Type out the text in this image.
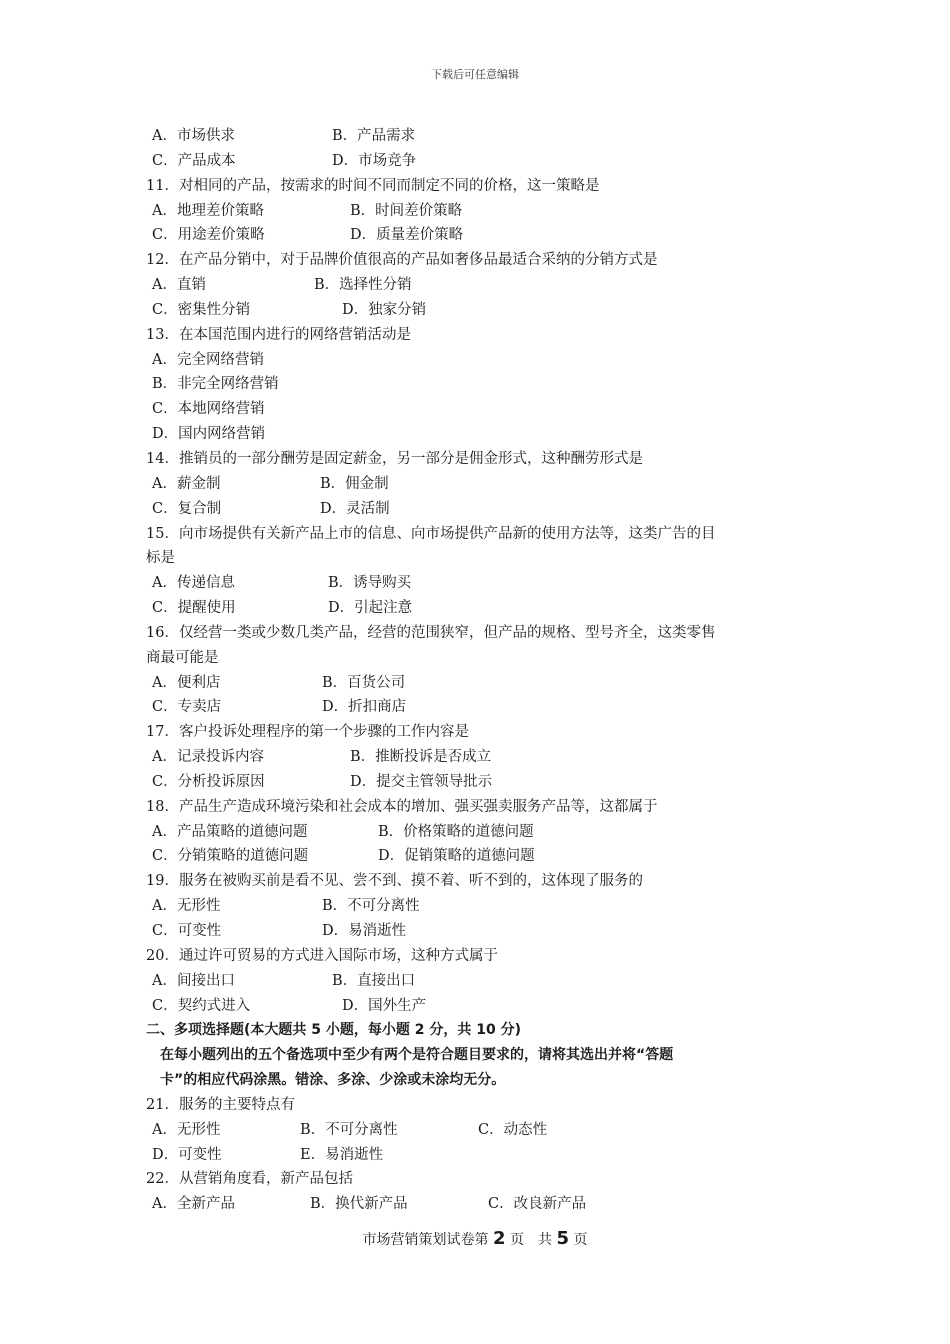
下载后可任意编辑
A．市场供求	B．产品需求
C．产品成本	D．市场竞争
11．对相同的产品，按需求的时间不同而制定不同的价格，这一策略是
A．地理差价策略	B．时间差价策略
C．用途差价策略	D．质量差价策略
12．在产品分销中，对于品牌价值很高的产品如奢侈品最适合采纳的分销方式是
A．直销	B．选择性分销
C．密集性分销	D．独家分销
13．在本国范围内进行的网络营销活动是
A．完全网络营销
B．非完全网络营销
C．本地网络营销
D．国内网络营销
14．推销员的一部分酬劳是固定薪金，另一部分是佣金形式，这种酬劳形式是
A．薪金制	B．佣金制
C．复合制	D．灵活制
15．向市场提供有关新产品上市的信息、向市场提供产品新的使用方法等，这类广告的目
标是
A．传递信息	B．诱导购买
C．提醒使用	D．引起注意
16．仅经营一类或少数几类产品，经营的范围狭窄，但产品的规格、型号齐全，这类零售
商最可能是
A．便利店	B．百货公司
C．专卖店	D．折扣商店
17．客户投诉处理程序的第一个步骤的工作内容是
A．记录投诉内容	B．推断投诉是否成立
C．分析投诉原因	D．提交主管领导批示
18．产品生产造成环境污染和社会成本的增加、强买强卖服务产品等，这都属于
A．产品策略的道德问题	B．价格策略的道德问题
C．分销策略的道德问题	D．促销策略的道德问题
19．服务在被购买前是看不见、尝不到、摸不着、听不到的，这体现了服务的
A．无形性	B．不可分离性
C．可变性	D．易消逝性
20．通过许可贸易的方式进入国际市场，这种方式属于
A．间接出口	B．直接出口
C．契约式进入	D．国外生产
二、多项选择题(本大题共 5 小题，每小题 2 分，共 10 分)
在每小题列出的五个备选项中至少有两个是符合题目要求的，请将其选出并将“答题
卡”的相应代码涂黑。错涂、多涂、少涂或未涂均无分。
21．服务的主要特点有
A．无形性	B．不可分离性	C．动态性
D．可变性	E．易消逝性
22．从营销角度看，新产品包括
A．全新产品	B．换代新产品	C．改良新产品
市场营销策划试卷第 2 页　共 5 页
